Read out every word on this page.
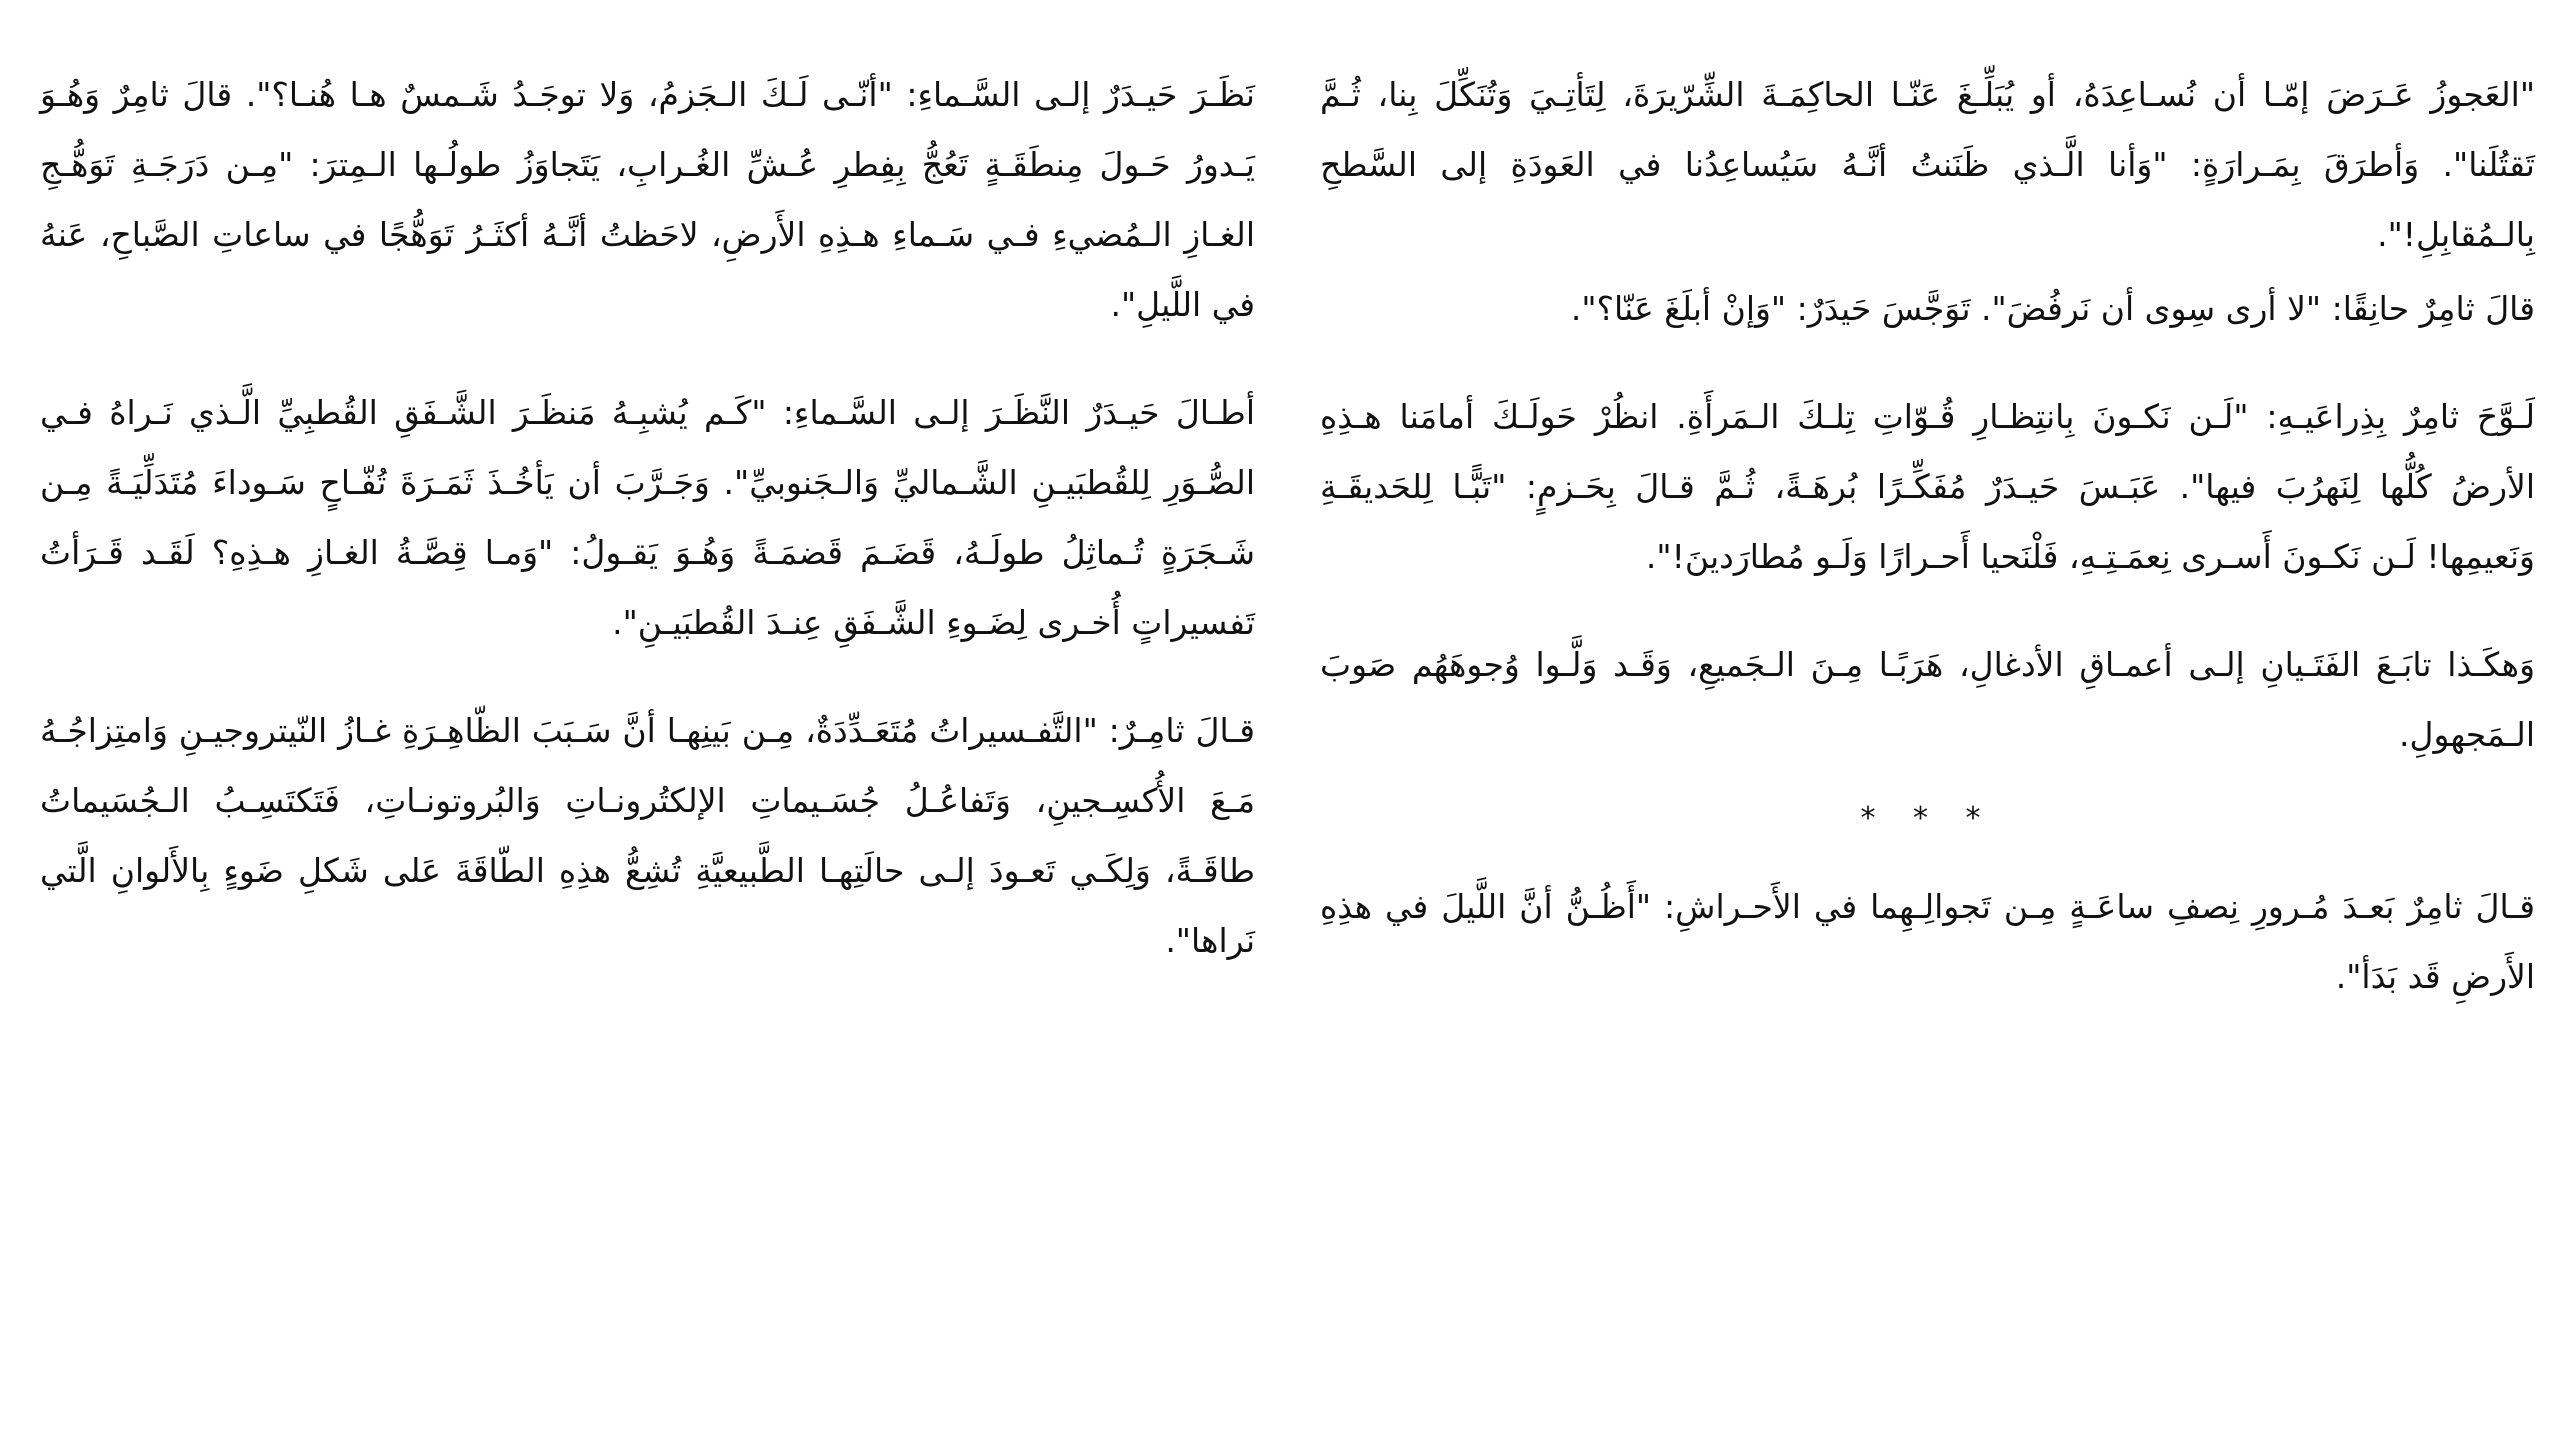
"العَجوزُ عَـرَضَ إمّـا أن نُسـاعِدَهُ، أو يُبَلِّـغَ عَنّـا الحاكِمَـةَ الشِّرّيرَةَ، لِتَأتِـيَ وَتُنَكِّلَ بِنا، ثُـمَّ تَقتُلَنا". وَأطرَقَ بِمَـرارَةٍ: "وَأنا الَّـذي ظَنَنتُ أنَّـهُ سَيُساعِدُنا في العَودَةِ إلى السَّطحِ بِالـمُقابِلِ!".

قالَ ثامِرٌ حانِقًا: "لا أرى سِوى أن نَرفُضَ". تَوَجَّسَ حَيدَرٌ: "وَإنْ أبلَغَ عَنّا؟".

لَـوَّحَ ثامِرٌ بِذِراعَيـهِ: "لَـن نَكـونَ بِانتِظـارِ قُـوّاتِ تِلـكَ الـمَرأَةِ. انظُرْ حَولَـكَ أمامَنا هـذِهِ الأرضُ كُلُّها لِنَهرُبَ فيها". عَبَـسَ حَيـدَرٌ مُفَكِّـرًا بُرهَـةً، ثُـمَّ قـالَ بِحَـزمٍ: "تَبًّـا لِلحَديقَـةِ وَنَعيمِها! لَـن نَكـونَ أَسـرى نِعمَـتِـهِ، فَلْنَحيا أَحـرارًا وَلَـو مُطارَدينَ!".

وَهكَـذا تابَـعَ الفَتَـيانِ إلـى أعمـاقِ الأدغالِ، هَرَبًـا مِـنَ الـجَميعِ، وَقَـد وَلَّـوا وُجوهَهُم صَوبَ الـمَجهولِ.

* * *

قـالَ ثامِرٌ بَعـدَ مُـرورِ نِصفِ ساعَـةٍ مِـن تَجوالِـهِما في الأَحـراشِ: "أَظُـنُّ أنَّ اللَّيلَ في هذِهِ الأَرضِ قَد بَدَأ".

نَظَـرَ حَيـدَرٌ إلـى السَّـماءِ: "أنّـى لَـكَ الـجَزمُ، وَلا توجَـدُ شَـمسٌ هـا هُنـا؟". قالَ ثامِرٌ وَهُـوَ يَـدورُ حَـولَ مِنطَقَـةٍ تَعُجُّ بِفِطرِ عُـشِّ الغُـرابِ، يَتَجاوَزُ طولُـها الـمِترَ: "مِـن دَرَجَـةِ تَوَهُّـجِ الغـازِ الـمُضيءِ فـي سَـماءِ هـذِهِ الأَرضِ، لاحَظتُ أنَّـهُ أكثَـرُ تَوَهُّجًا في ساعاتِ الصَّباحِ، عَنهُ في اللَّيلِ".

أطـالَ حَيـدَرٌ النَّظَـرَ إلـى السَّـماءِ: "كَـم يُشبِـهُ مَنظَـرَ الشَّـفَقِ القُطبِيِّ الَّـذي نَـراهُ فـي الصُّـوَرِ لِلقُطبَيـنِ الشَّـماليِّ وَالـجَنوبيِّ". وَجَـرَّبَ أن يَأخُـذَ ثَمَـرَةَ تُفّـاحٍ سَـوداءَ مُتَدَلِّيَـةً مِـن شَـجَرَةٍ تُـماثِلُ طولَـهُ، قَضَـمَ قَضمَـةً وَهُـوَ يَقـولُ: "وَمـا قِصَّـةُ الغـازِ هـذِهِ؟ لَقَـد قَـرَأتُ تَفسيراتٍ أُخـرى لِضَـوءِ الشَّـفَقِ عِنـدَ القُطبَيـنِ".

قـالَ ثامِـرٌ: "التَّفـسيراتُ مُتَعَـدِّدَةٌ، مِـن بَينِهـا أنَّ سَـبَبَ الظّاهِـرَةِ غـازُ النّيتروجيـنِ وَامتِزاجُـهُ مَـعَ الأُكسِـجينِ، وَتَفاعُـلُ جُسَـيماتِ الإلكتُرونـاتِ وَالبُروتونـاتِ، فَتَكتَسِـبُ الـجُسَيماتُ طاقَـةً، وَلِكَـي تَعـودَ إلـى حالَتِهـا الطَّبيعيَّةِ تُشِعُّ هذِهِ الطّاقَةَ عَلى شَكلِ ضَوءٍ بِالأَلوانِ الَّتي نَراها".
